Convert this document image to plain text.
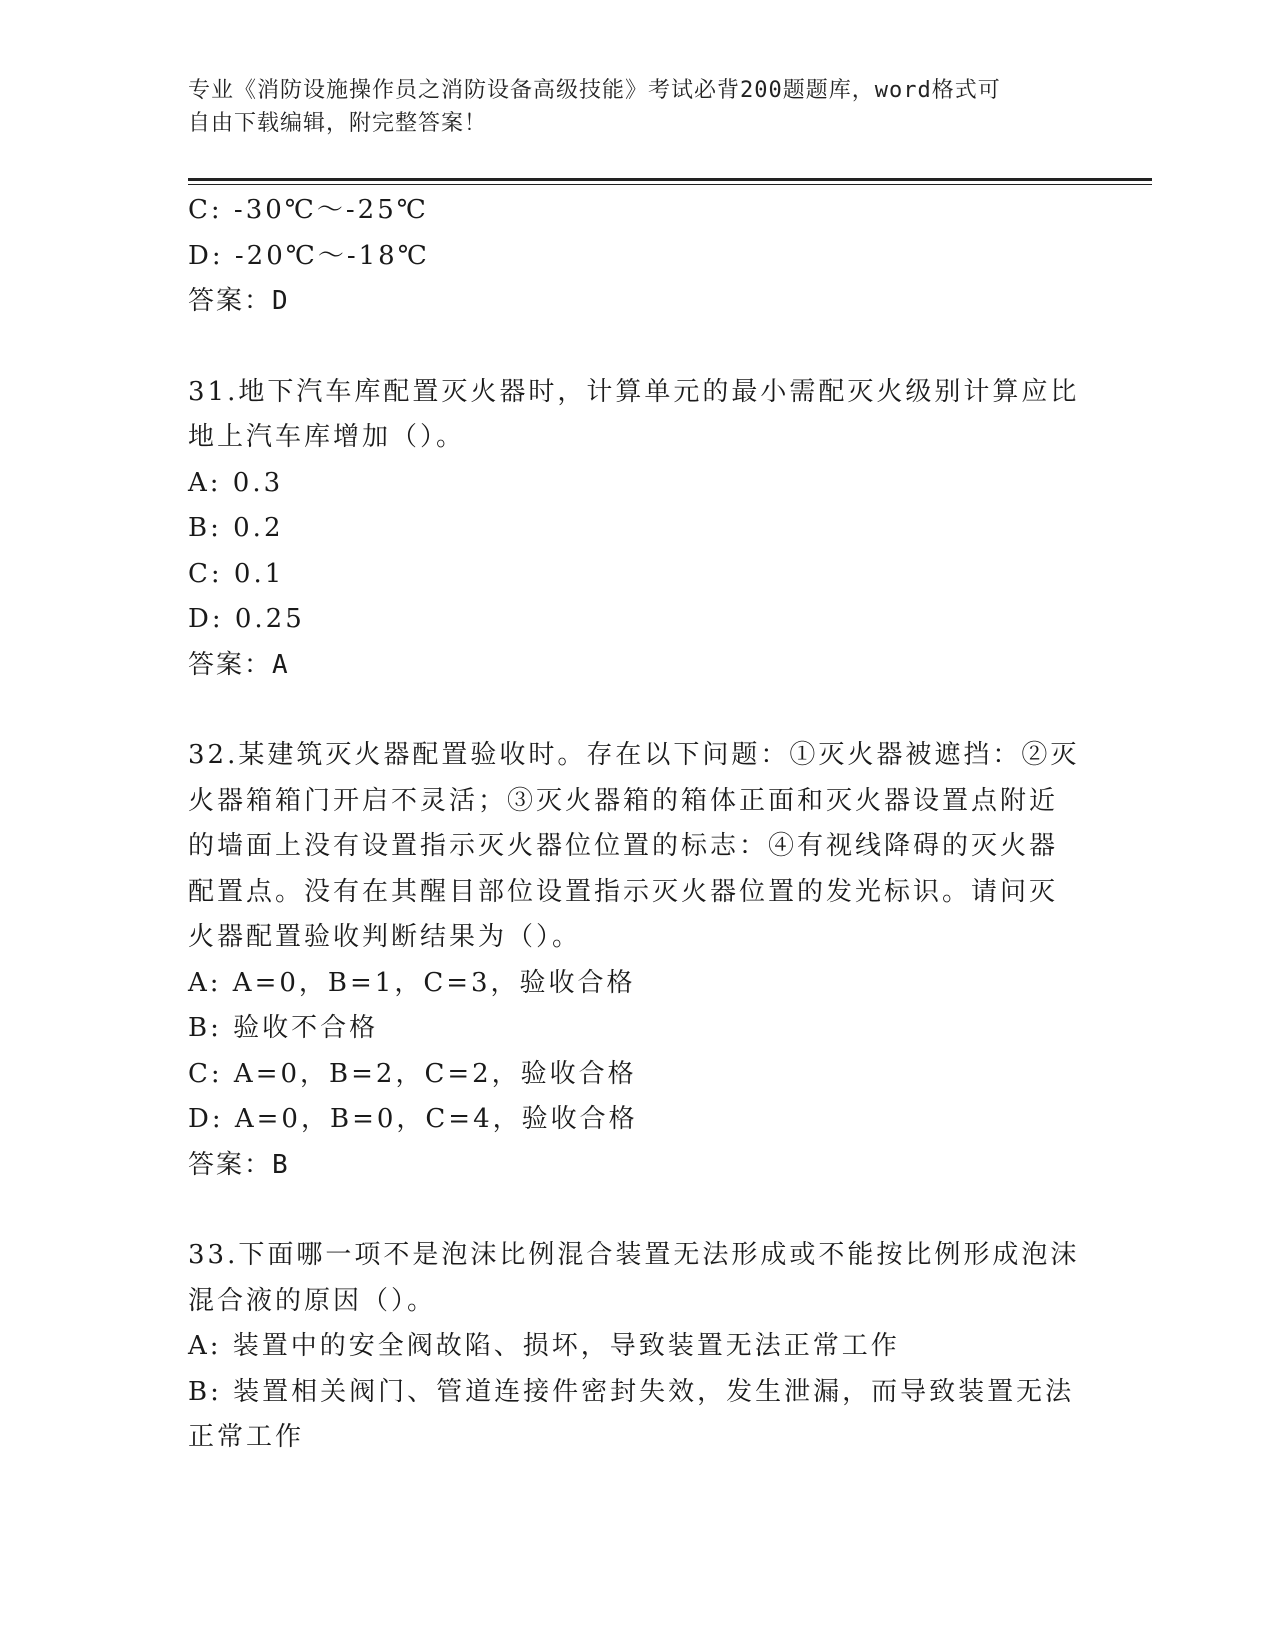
专业《消防设施操作员之消防设备高级技能》考试必背200题题库，word格式可
自由下载编辑，附完整答案！
C: -30℃～-25℃
D: -20℃～-18℃
答案：D
31.地下汽车库配置灭火器时，计算单元的最小需配灭火级别计算应比
地上汽车库增加（）。
A: 0.3
B: 0.2
C: 0.1
D: 0.25
答案：A
32.某建筑灭火器配置验收时。存在以下问题：①灭火器被遮挡：②灭
火器箱箱门开启不灵活；③灭火器箱的箱体正面和灭火器设置点附近
的墙面上没有设置指示灭火器位位置的标志：④有视线降碍的灭火器
配置点。没有在其醒目部位设置指示灭火器位置的发光标识。请问灭
火器配置验收判断结果为（）。
A: A=0，B=1，C=3，验收合格
B: 验收不合格
C: A=0，B=2，C=2，验收合格
D: A=0，B=0，C=4，验收合格
答案：B
33.下面哪一项不是泡沫比例混合装置无法形成或不能按比例形成泡沫
混合液的原因（）。
A: 装置中的安全阀故陷、损坏，导致装置无法正常工作
B: 装置相关阀门、管道连接件密封失效，发生泄漏，而导致装置无法
正常工作
